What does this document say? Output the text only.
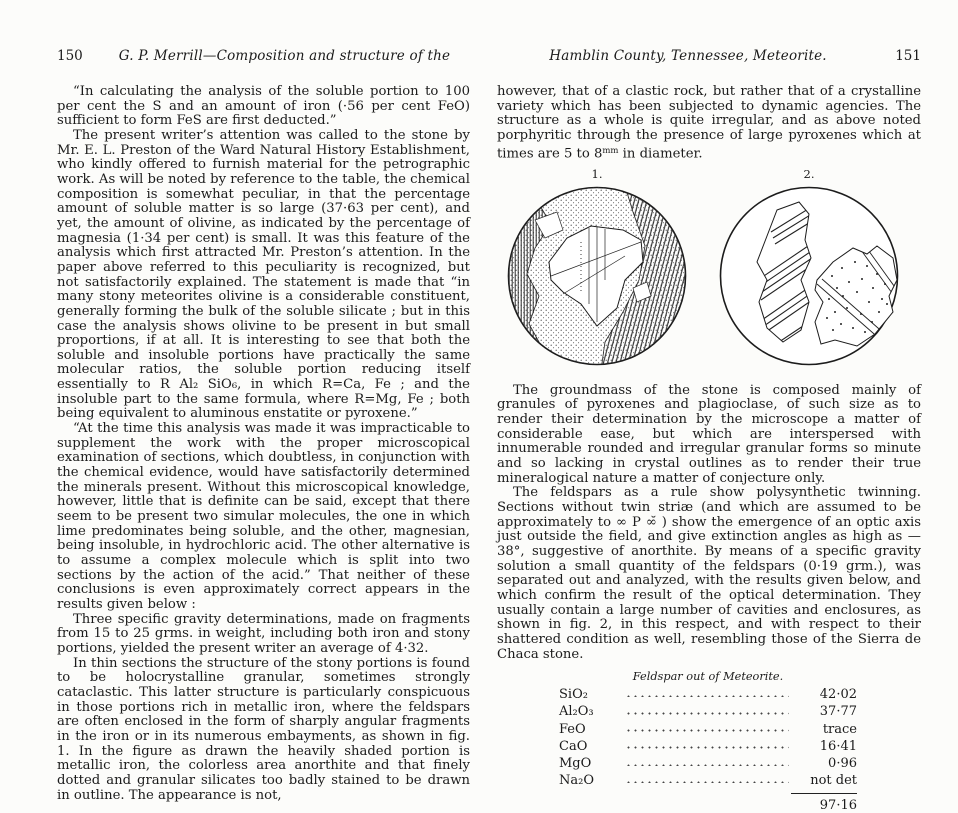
150	G. P. Merrill—Composition and structure of the

“In calculating the analysis of the soluble portion to 100 per cent the S and an amount of iron (·56 per cent FeO) sufficient to form FeS are first deducted.”

The present writer’s attention was called to the stone by Mr. E. L. Preston of the Ward Natural History Establishment, who kindly offered to furnish material for the petrographic work. As will be noted by reference to the table, the chemical composition is somewhat peculiar, in that the percentage amount of soluble matter is so large (37·63 per cent), and yet, the amount of olivine, as indicated by the percentage of magnesia (1·34 per cent) is small. It was this feature of the analysis which first attracted Mr. Preston’s attention. In the paper above referred to this peculiarity is recognized, but not satisfactorily explained. The statement is made that “in many stony meteorites olivine is a considerable constituent, generally forming the bulk of the soluble silicate ; but in this case the analysis shows olivine to be present in but small proportions, if at all. It is interesting to see that both the soluble and insoluble portions have practically the same molecular ratios, the soluble portion reducing itself essentially to R Al₂ SiO₆, in which R=Ca, Fe ; and the insoluble part to the same formula, where R=Mg, Fe ; both being equivalent to aluminous enstatite or pyroxene.”

“At the time this analysis was made it was impracticable to supplement the work with the proper microscopical examination of sections, which doubtless, in conjunction with the chemical evidence, would have satisfactorily determined the minerals present. Without this microscopical knowledge, however, little that is definite can be said, except that there seem to be present two simular molecules, the one in which lime predominates being soluble, and the other, magnesian, being insoluble, in hydrochloric acid. The other alternative is to assume a complex molecule which is split into two sections by the action of the acid.” That neither of these conclusions is even approximately correct appears in the results given below :

Three specific gravity determinations, made on fragments from 15 to 25 grms. in weight, including both iron and stony portions, yielded the present writer an average of 4·32.

In thin sections the structure of the stony portions is found to be holocrystalline granular, sometimes strongly cataclastic. This latter structure is particularly conspicuous in those portions rich in metallic iron, where the feldspars are often enclosed in the form of sharply angular fragments in the iron or in its numerous embayments, as shown in fig. 1. In the figure as drawn the heavily shaded portion is metallic iron, the colorless area anorthite and that finely dotted and granular silicates too badly stained to be drawn in outline. The appearance is not,

Hamblin County, Tennessee, Meteorite.	151

however, that of a clastic rock, but rather that of a crystalline variety which has been subjected to dynamic agencies. The structure as a whole is quite irregular, and as above noted porphyritic through the presence of large pyroxenes which at times are 5 to $8^{mm}$ in diameter.

1.	2.

The groundmass of the stone is composed mainly of granules of pyroxenes and plagioclase, of such size as to render their determination by the microscope a matter of considerable ease, but which are interspersed with innumerable rounded and irregular granular forms so minute and so lacking in crystal outlines as to render their true mineralogical nature a matter of conjecture only.

The feldspars as a rule show polysynthetic twinning. Sections without twin striæ (and which are assumed to be approximately to ∞ P ∞̆ ) show the emergence of an optic axis just outside the field, and give extinction angles as high as —38°, suggestive of anorthite. By means of a specific gravity solution a small quantity of the feldspars (0·19 grm.), was separated out and analyzed, with the results given below, and which confirm the result of the optical determination. They usually contain a large number of cavities and enclosures, as shown in fig. 2, in this respect, and with respect to their shattered condition as well, resembling those of the Sierra de Chaca stone.

Feldspar out of Meteorite.
SiO₂	42·02
Al₂O₃	37·77
FeO	trace
CaO	16·41
MgO	0·96
Na₂O	not det
97·16
